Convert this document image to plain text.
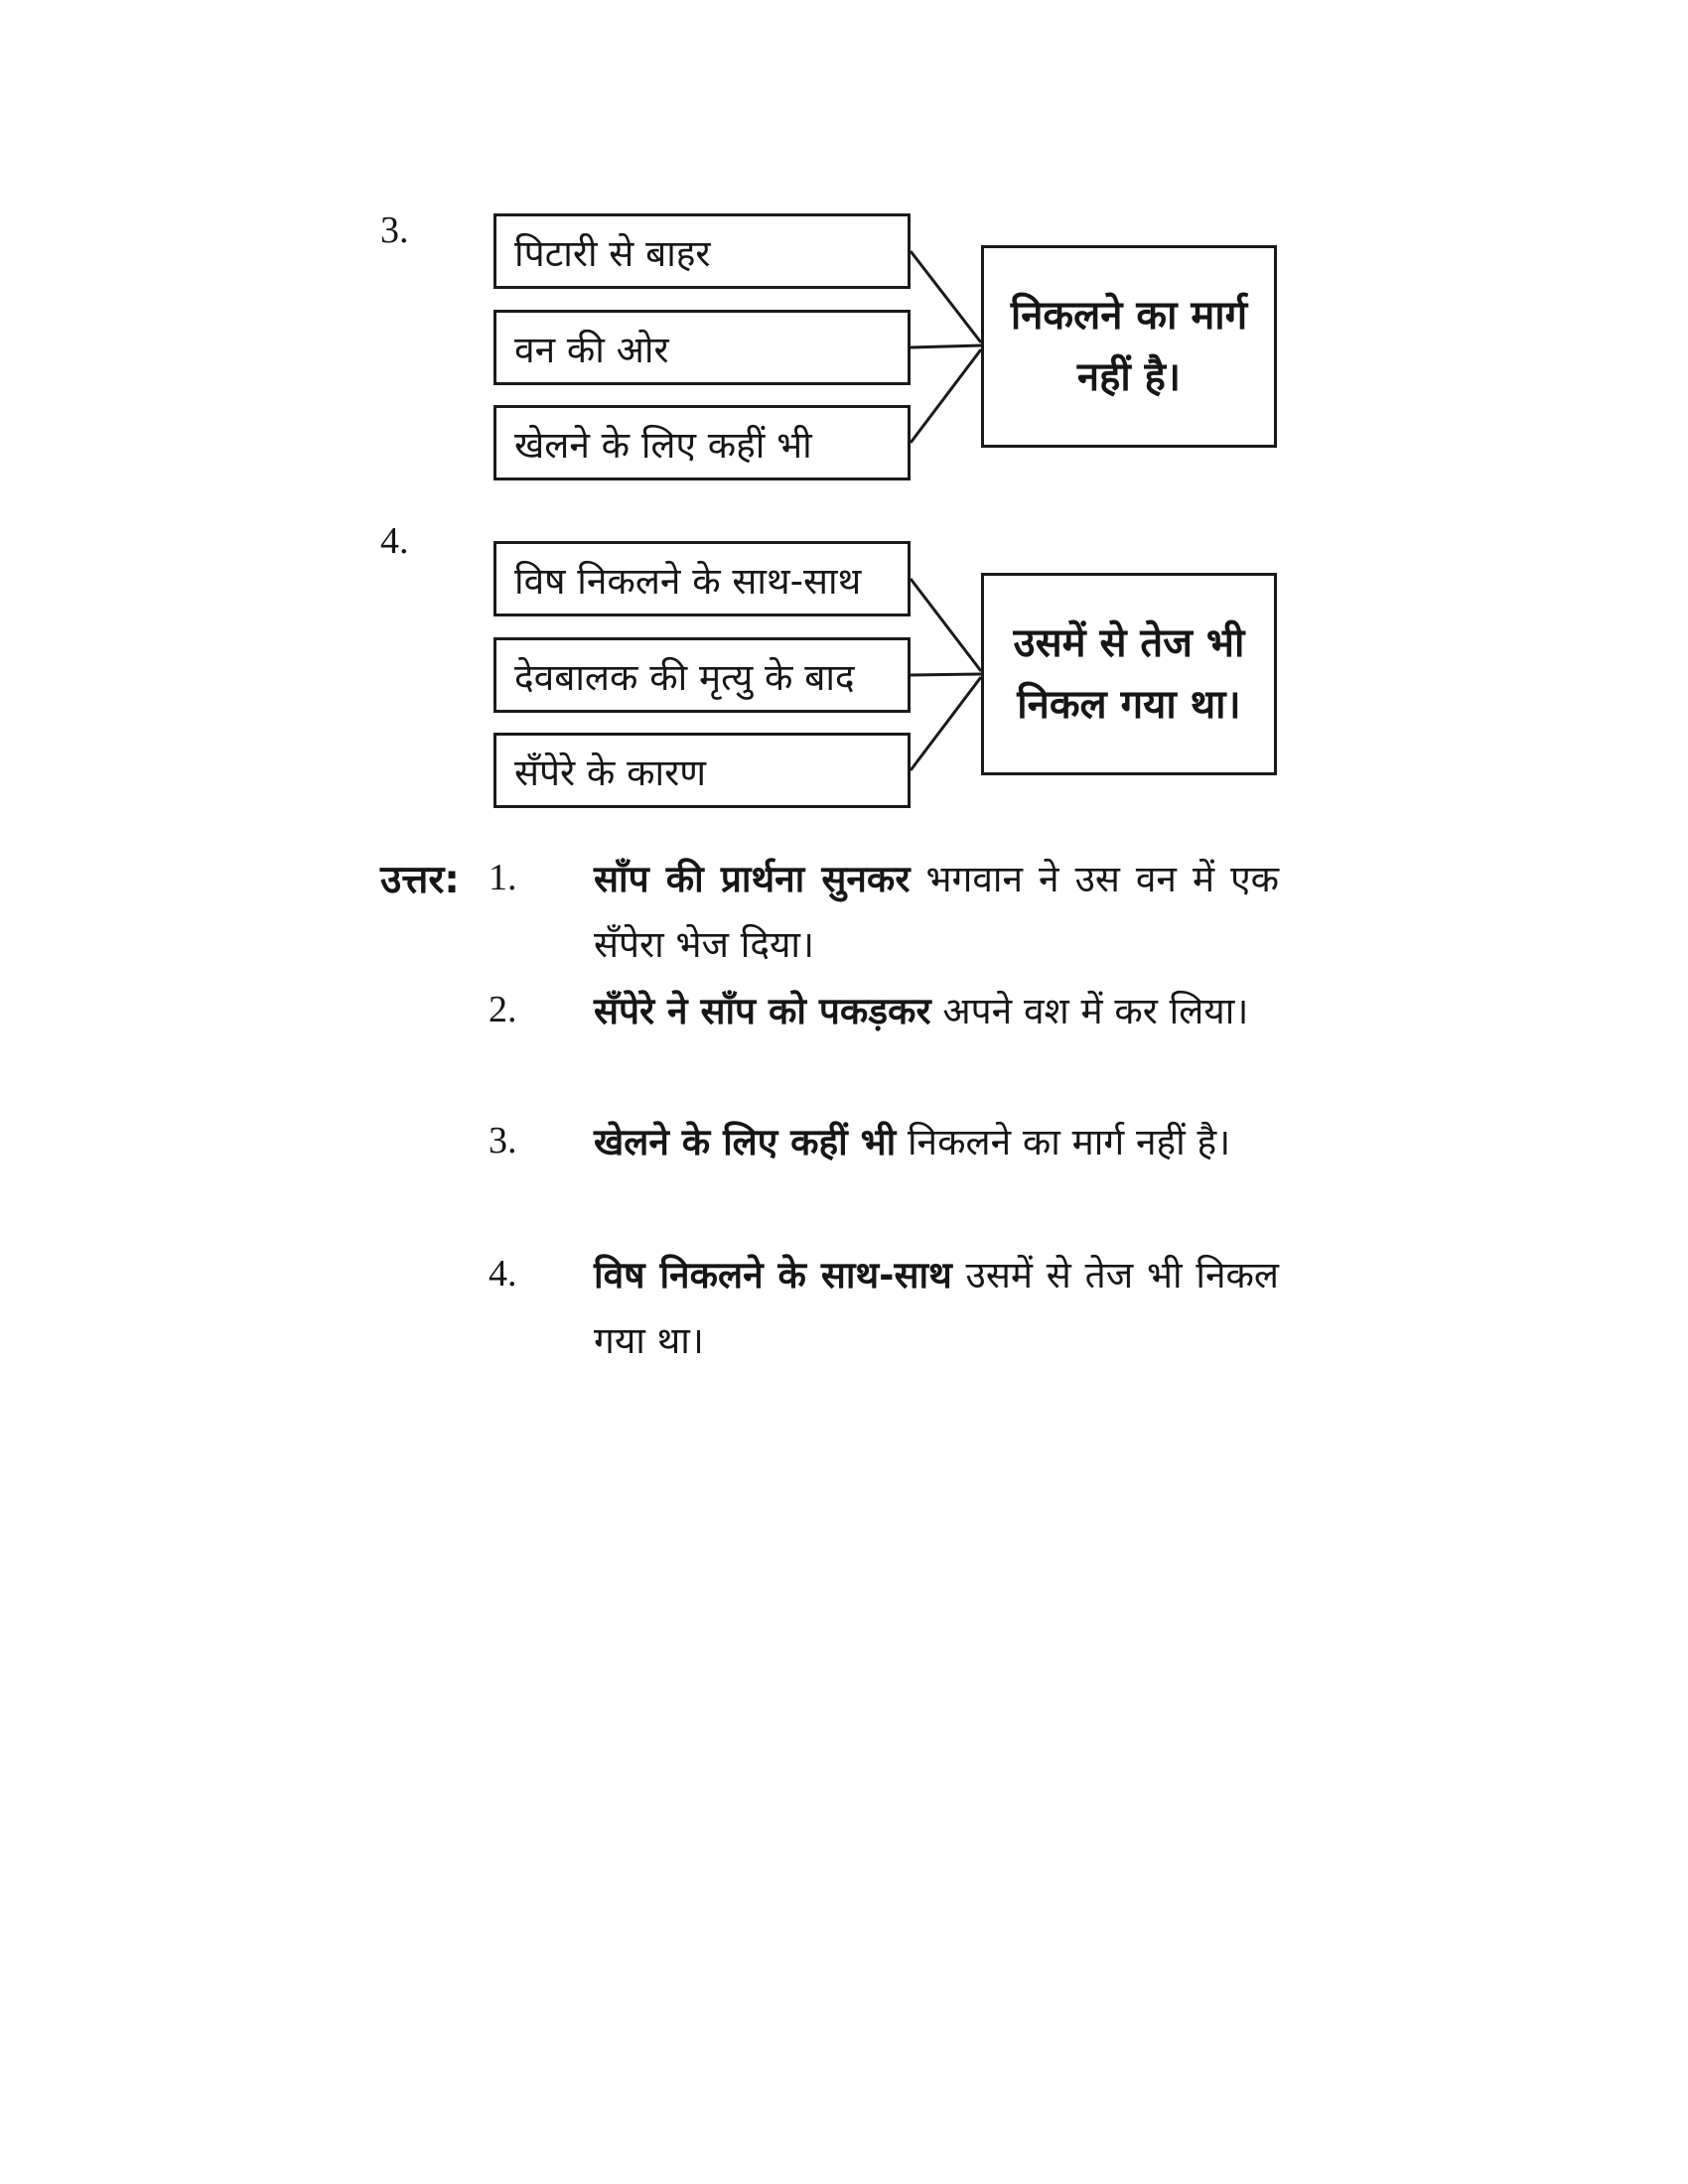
3.
पिटारी से बाहर
वन की ओर
खेलने के लिए कहीं भी
निकलने का मार्ग नहीं है।
4.
विष निकलने के साथ-साथ
देवबालक की मृत्यु के बाद
सँपेरे के कारण
उसमें से तेज भी निकल गया था।
उत्तर: 1. साँप की प्रार्थना सुनकर भगवान ने उस वन में एक सँपेरा भेज दिया।
2. सँपेरे ने साँप को पकड़कर अपने वश में कर लिया।
3. खेलने के लिए कहीं भी निकलने का मार्ग नहीं है।
4. विष निकलने के साथ-साथ उसमें से तेज भी निकल गया था।
